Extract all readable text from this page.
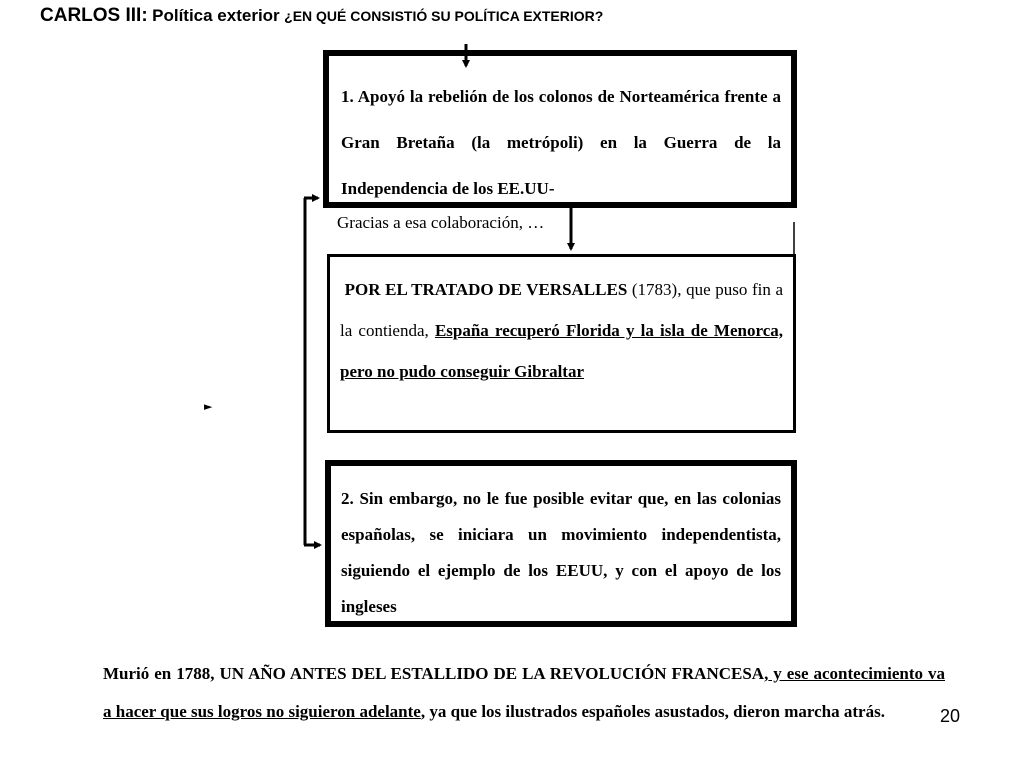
CARLOS III: Política exterior ¿EN QUÉ CONSISTIÓ SU POLÍTICA EXTERIOR?
1. Apoyó la rebelión de los colonos de Norteamérica frente a Gran Bretaña (la metrópoli) en la Guerra de la Independencia de los EE.UU-
Gracias a esa colaboración, …
POR EL TRATADO DE VERSALLES (1783), que puso fin a la contienda, España recuperó Florida y la isla de Menorca, pero no pudo conseguir Gibraltar
►
2. Sin embargo, no le fue posible evitar que, en las colonias españolas, se iniciara un movimiento independentista, siguiendo el ejemplo de los EEUU, y con el apoyo de los ingleses
Murió en 1788, UN AÑO ANTES DEL ESTALLIDO DE LA REVOLUCIÓN FRANCESA, y ese acontecimiento va a hacer que sus logros no siguieron adelante, ya que los ilustrados españoles asustados, dieron marcha atrás.	20
